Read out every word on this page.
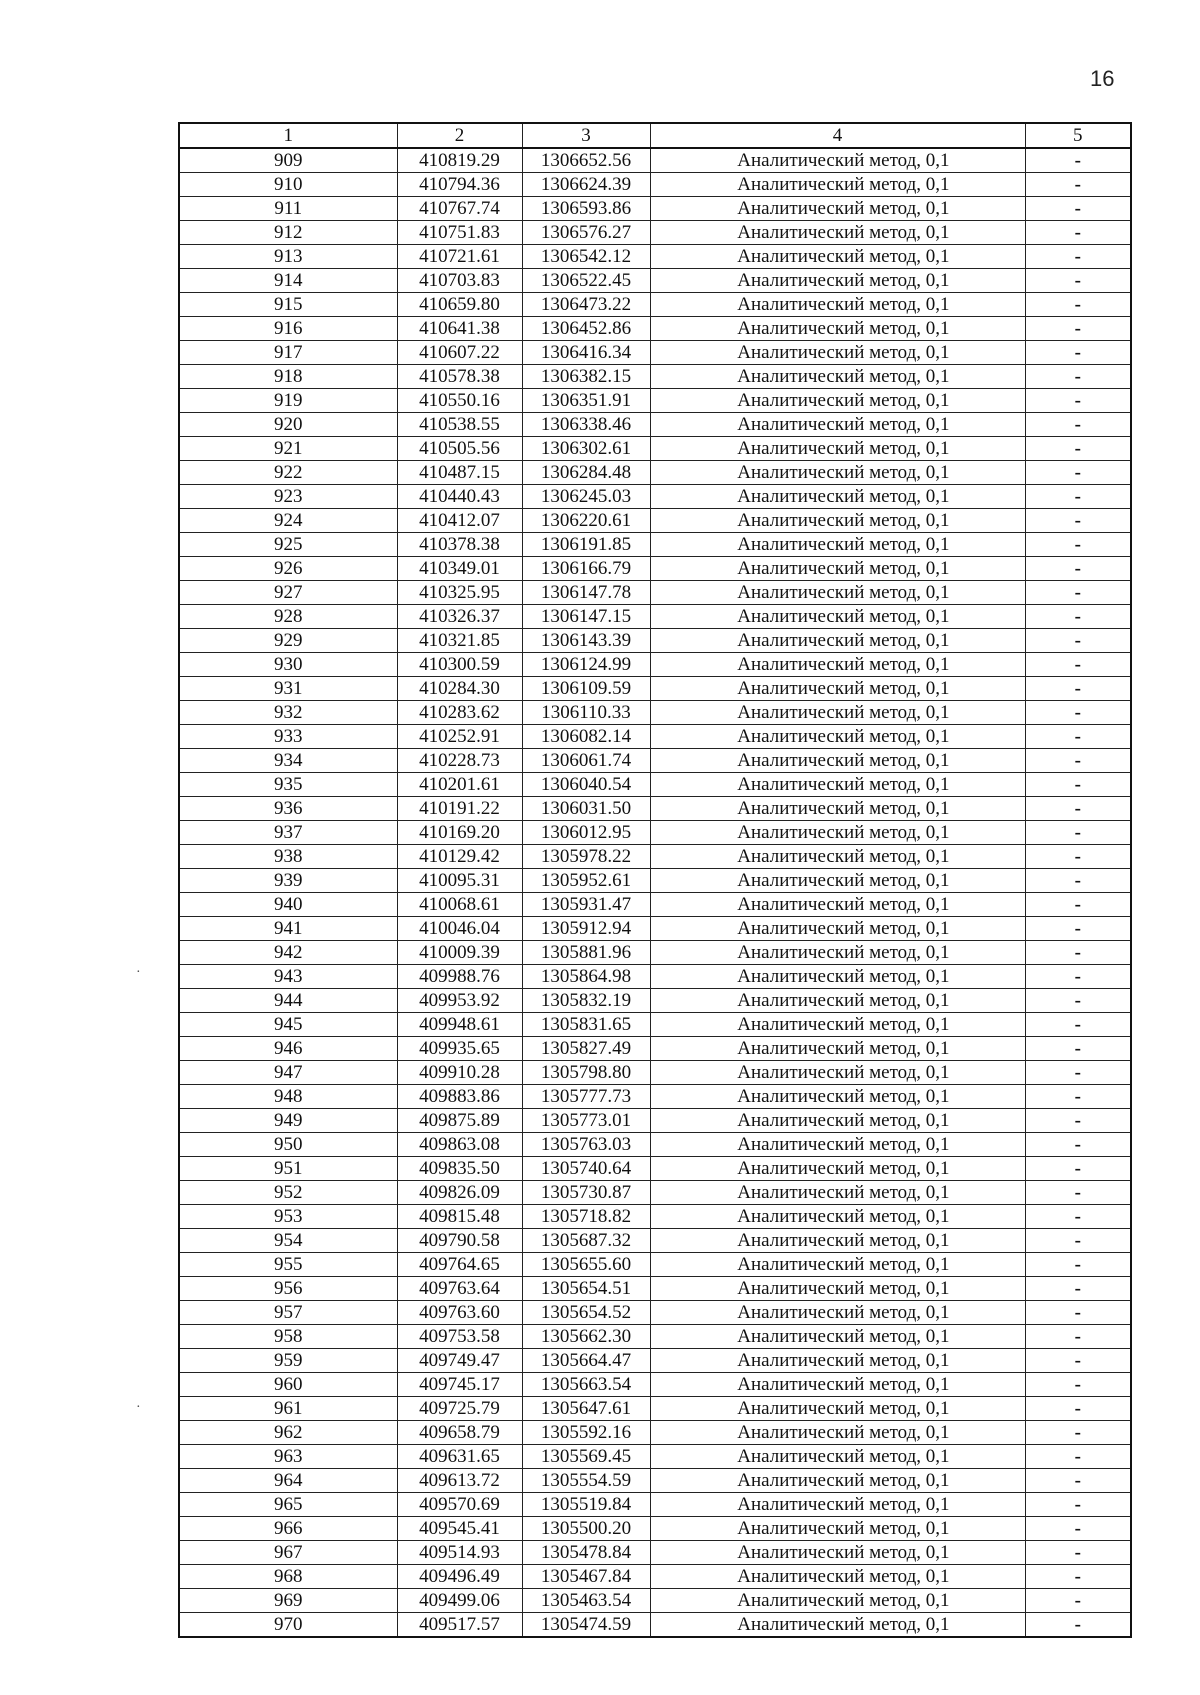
16
1	2	3	4	5
909	410819.29	1306652.56	Аналитический метод, 0,1	-
910	410794.36	1306624.39	Аналитический метод, 0,1	-
911	410767.74	1306593.86	Аналитический метод, 0,1	-
912	410751.83	1306576.27	Аналитический метод, 0,1	-
913	410721.61	1306542.12	Аналитический метод, 0,1	-
914	410703.83	1306522.45	Аналитический метод, 0,1	-
915	410659.80	1306473.22	Аналитический метод, 0,1	-
916	410641.38	1306452.86	Аналитический метод, 0,1	-
917	410607.22	1306416.34	Аналитический метод, 0,1	-
918	410578.38	1306382.15	Аналитический метод, 0,1	-
919	410550.16	1306351.91	Аналитический метод, 0,1	-
920	410538.55	1306338.46	Аналитический метод, 0,1	-
921	410505.56	1306302.61	Аналитический метод, 0,1	-
922	410487.15	1306284.48	Аналитический метод, 0,1	-
923	410440.43	1306245.03	Аналитический метод, 0,1	-
924	410412.07	1306220.61	Аналитический метод, 0,1	-
925	410378.38	1306191.85	Аналитический метод, 0,1	-
926	410349.01	1306166.79	Аналитический метод, 0,1	-
927	410325.95	1306147.78	Аналитический метод, 0,1	-
928	410326.37	1306147.15	Аналитический метод, 0,1	-
929	410321.85	1306143.39	Аналитический метод, 0,1	-
930	410300.59	1306124.99	Аналитический метод, 0,1	-
931	410284.30	1306109.59	Аналитический метод, 0,1	-
932	410283.62	1306110.33	Аналитический метод, 0,1	-
933	410252.91	1306082.14	Аналитический метод, 0,1	-
934	410228.73	1306061.74	Аналитический метод, 0,1	-
935	410201.61	1306040.54	Аналитический метод, 0,1	-
936	410191.22	1306031.50	Аналитический метод, 0,1	-
937	410169.20	1306012.95	Аналитический метод, 0,1	-
938	410129.42	1305978.22	Аналитический метод, 0,1	-
939	410095.31	1305952.61	Аналитический метод, 0,1	-
940	410068.61	1305931.47	Аналитический метод, 0,1	-
941	410046.04	1305912.94	Аналитический метод, 0,1	-
942	410009.39	1305881.96	Аналитический метод, 0,1	-
943	409988.76	1305864.98	Аналитический метод, 0,1	-
944	409953.92	1305832.19	Аналитический метод, 0,1	-
945	409948.61	1305831.65	Аналитический метод, 0,1	-
946	409935.65	1305827.49	Аналитический метод, 0,1	-
947	409910.28	1305798.80	Аналитический метод, 0,1	-
948	409883.86	1305777.73	Аналитический метод, 0,1	-
949	409875.89	1305773.01	Аналитический метод, 0,1	-
950	409863.08	1305763.03	Аналитический метод, 0,1	-
951	409835.50	1305740.64	Аналитический метод, 0,1	-
952	409826.09	1305730.87	Аналитический метод, 0,1	-
953	409815.48	1305718.82	Аналитический метод, 0,1	-
954	409790.58	1305687.32	Аналитический метод, 0,1	-
955	409764.65	1305655.60	Аналитический метод, 0,1	-
956	409763.64	1305654.51	Аналитический метод, 0,1	-
957	409763.60	1305654.52	Аналитический метод, 0,1	-
958	409753.58	1305662.30	Аналитический метод, 0,1	-
959	409749.47	1305664.47	Аналитический метод, 0,1	-
960	409745.17	1305663.54	Аналитический метод, 0,1	-
961	409725.79	1305647.61	Аналитический метод, 0,1	-
962	409658.79	1305592.16	Аналитический метод, 0,1	-
963	409631.65	1305569.45	Аналитический метод, 0,1	-
964	409613.72	1305554.59	Аналитический метод, 0,1	-
965	409570.69	1305519.84	Аналитический метод, 0,1	-
966	409545.41	1305500.20	Аналитический метод, 0,1	-
967	409514.93	1305478.84	Аналитический метод, 0,1	-
968	409496.49	1305467.84	Аналитический метод, 0,1	-
969	409499.06	1305463.54	Аналитический метод, 0,1	-
970	409517.57	1305474.59	Аналитический метод, 0,1	-
·
·
